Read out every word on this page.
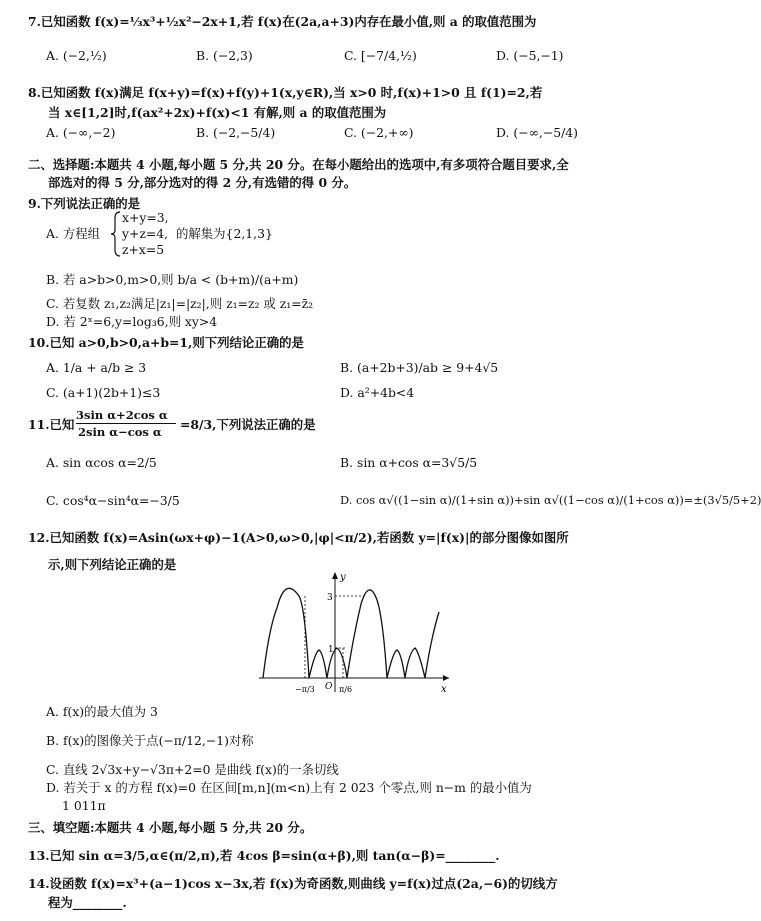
7.已知函数 f(x)=⅓x³+½x²−2x+1,若 f(x)在(2a,a+3)内存在最小值,则 a 的取值范围为
A. (−2,½)	B. (−2,3)	C. [−7/4,½)	D. (−5,−1)
8.已知函数 f(x)满足 f(x+y)=f(x)+f(y)+1(x,y∈R),当 x>0 时,f(x)+1>0 且 f(1)=2,若
当 x∈[1,2]时,f(ax²+2x)+f(x)<1 有解,则 a 的取值范围为
A. (−∞,−2)	B. (−2,−5/4)	C. (−2,+∞)	D. (−∞,−5/4)
二、选择题:本题共 4 小题,每小题 5 分,共 20 分。在每小题给出的选项中,有多项符合题目要求,全
部选对的得 5 分,部分选对的得 2 分,有选错的得 0 分。
9.下列说法正确的是
A. 方程组
x+y=3,
y+z=4,
z+x=5
的解集为{2,1,3}
B. 若 a>b>0,m>0,则 b/a < (b+m)/(a+m)
C. 若复数 z₁,z₂满足|z₁|=|z₂|,则 z₁=z₂ 或 z₁=z̄₂
D. 若 2ˣ=6,y=log₃6,则 xy>4
10.已知 a>0,b>0,a+b=1,则下列结论正确的是
A. 1/a + a/b ≥ 3	B. (a+2b+3)/ab ≥ 9+4√5
C. (a+1)(2b+1)≤3	D. a²+4b<4
11.已知
3sin α+2cos α
2sin α−cos α =8/3,下列说法正确的是
A. sin αcos α=2/5	B. sin α+cos α=3√5/5
C. cos⁴α−sin⁴α=−3/5	D. cos α√((1−sin α)/(1+sin α))+sin α√((1−cos α)/(1+cos α))=±(3√5/5+2)
12.已知函数 f(x)=Asin(ωx+φ)−1(A>0,ω>0,|φ|<π/2),若函数 y=|f(x)|的部分图像如图所
示,则下列结论正确的是
y
x
O
3
1
−π/3	π/6
A. f(x)的最大值为 3
B. f(x)的图像关于点(−π/12,−1)对称
C. 直线 2√3x+y−√3π+2=0 是曲线 f(x)的一条切线
D. 若关于 x 的方程 f(x)=0 在区间[m,n](m<n)上有 2 023 个零点,则 n−m 的最小值为
1 011π
三、填空题:本题共 4 小题,每小题 5 分,共 20 分。
13.已知 sin α=3/5,α∈(π/2,π),若 4cos β=sin(α+β),则 tan(α−β)=________.
14.设函数 f(x)=x³+(a−1)cos x−3x,若 f(x)为奇函数,则曲线 y=f(x)过点(2a,−6)的切线方
程为________.
